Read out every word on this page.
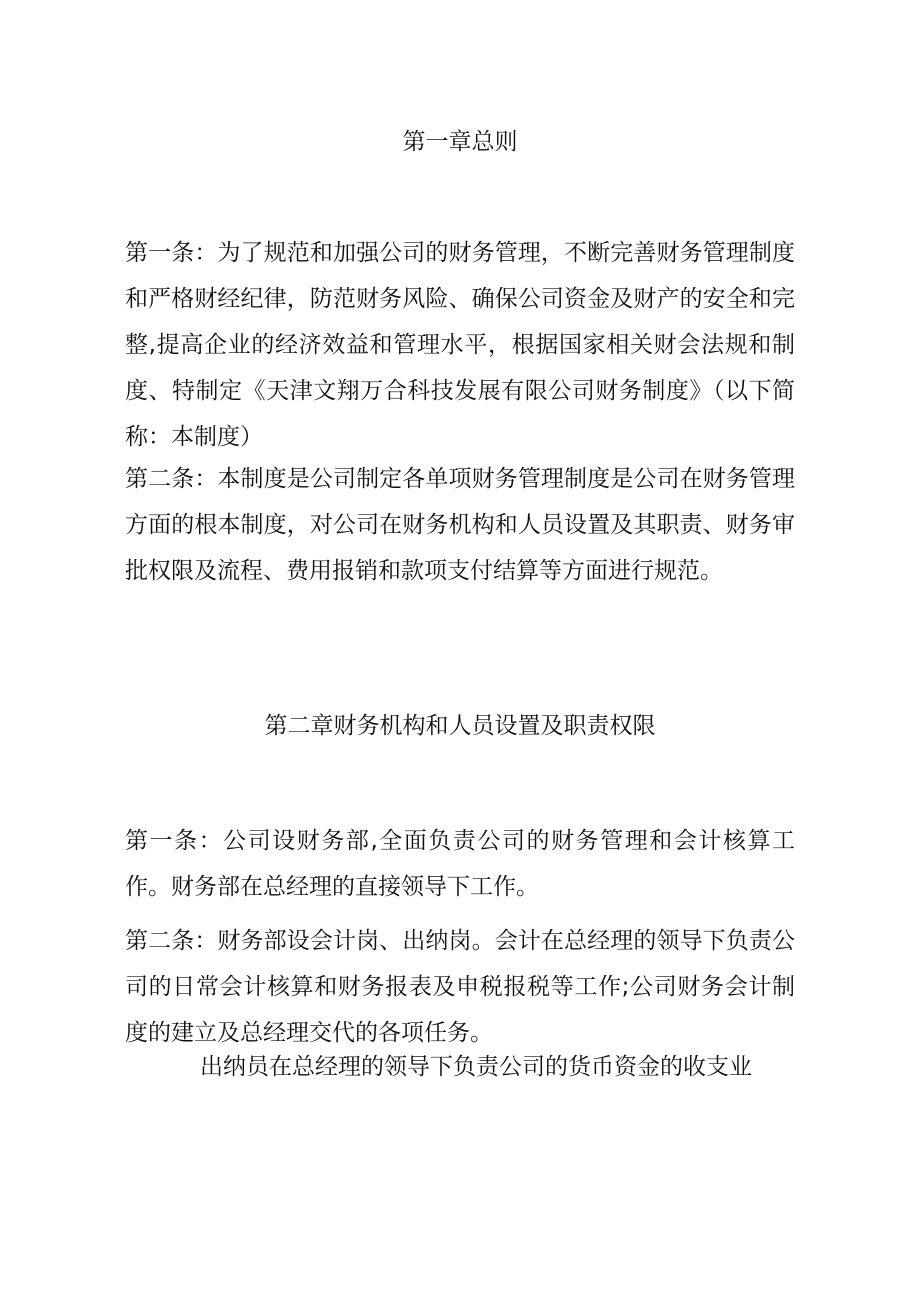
第一章总则

第一条：为了规范和加强公司的财务管理，不断完善财务管理制度和严格财经纪律，防范财务风险、确保公司资金及财产的安全和完整,提高企业的经济效益和管理水平，根据国家相关财会法规和制度、特制定《天津文翔万合科技发展有限公司财务制度》（以下简称：本制度）

第二条：本制度是公司制定各单项财务管理制度是公司在财务管理方面的根本制度，对公司在财务机构和人员设置及其职责、财务审批权限及流程、费用报销和款项支付结算等方面进行规范。

第二章财务机构和人员设置及职责权限

第一条：公司设财务部,全面负责公司的财务管理和会计核算工作。财务部在总经理的直接领导下工作。

第二条：财务部设会计岗、出纳岗。会计在总经理的领导下负责公司的日常会计核算和财务报表及申税报税等工作;公司财务会计制度的建立及总经理交代的各项任务。

出纳员在总经理的领导下负责公司的货币资金的收支业
